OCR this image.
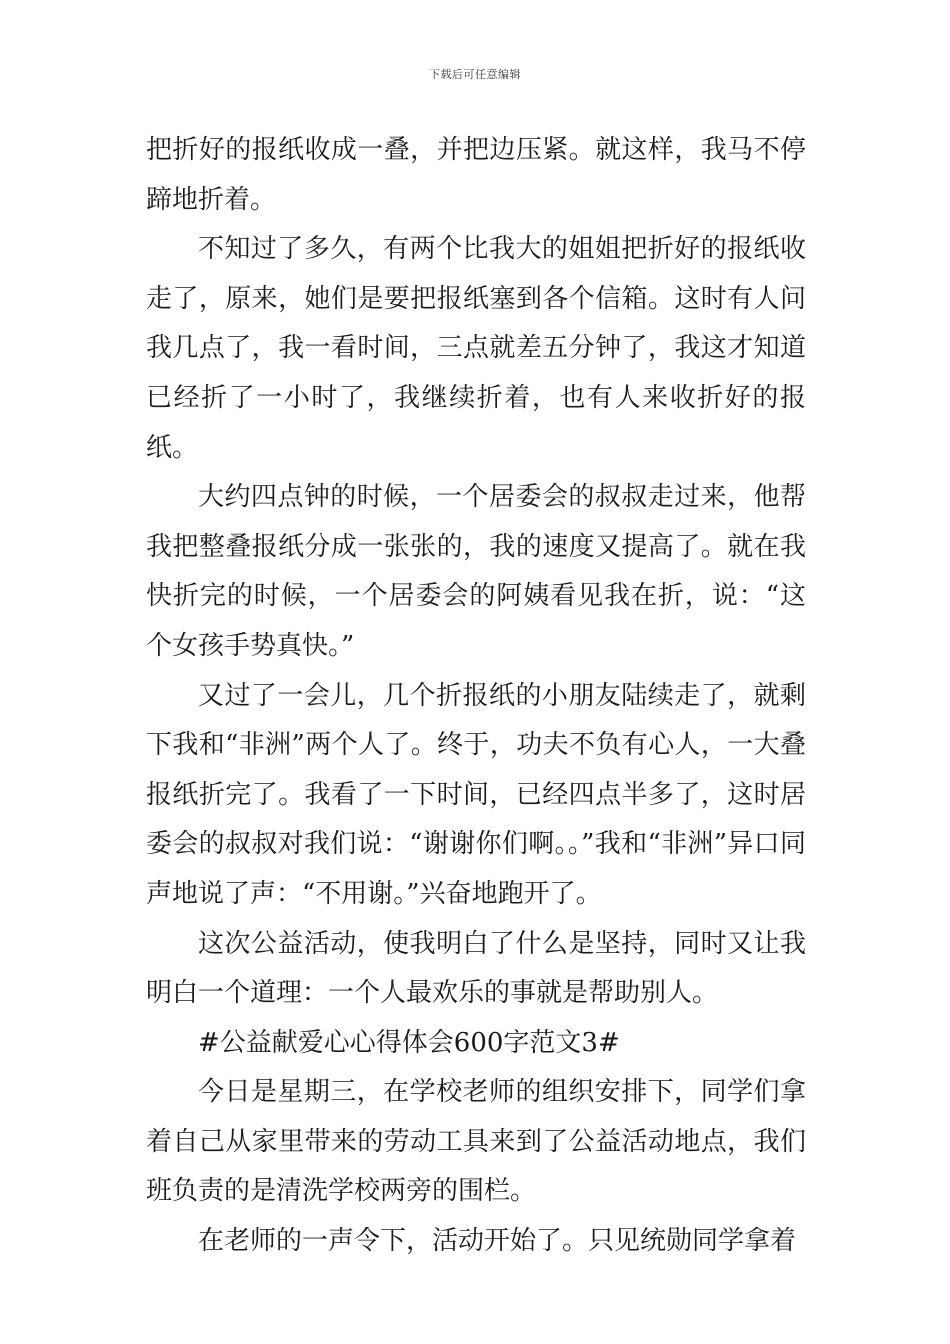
下载后可任意编辑

把折好的报纸收成一叠，并把边压紧。就这样，我马不停蹄地折着。

不知过了多久，有两个比我大的姐姐把折好的报纸收走了，原来，她们是要把报纸塞到各个信箱。这时有人问我几点了，我一看时间，三点就差五分钟了，我这才知道已经折了一小时了，我继续折着，也有人来收折好的报纸。

大约四点钟的时候，一个居委会的叔叔走过来，他帮我把整叠报纸分成一张张的，我的速度又提高了。就在我快折完的时候，一个居委会的阿姨看见我在折，说：“这个女孩手势真快。”

又过了一会儿，几个折报纸的小朋友陆续走了，就剩下我和“非洲”两个人了。终于，功夫不负有心人，一大叠报纸折完了。我看了一下时间，已经四点半多了，这时居委会的叔叔对我们说：“谢谢你们啊。。”我和“非洲”异口同声地说了声：“不用谢。”兴奋地跑开了。

这次公益活动，使我明白了什么是坚持，同时又让我明白一个道理：一个人最欢乐的事就是帮助别人。

#公益献爱心心得体会600字范文3#

今日是星期三，在学校老师的组织安排下，同学们拿着自己从家里带来的劳动工具来到了公益活动地点，我们班负责的是清洗学校两旁的围栏。

在老师的一声令下，活动开始了。只见统勋同学拿着
